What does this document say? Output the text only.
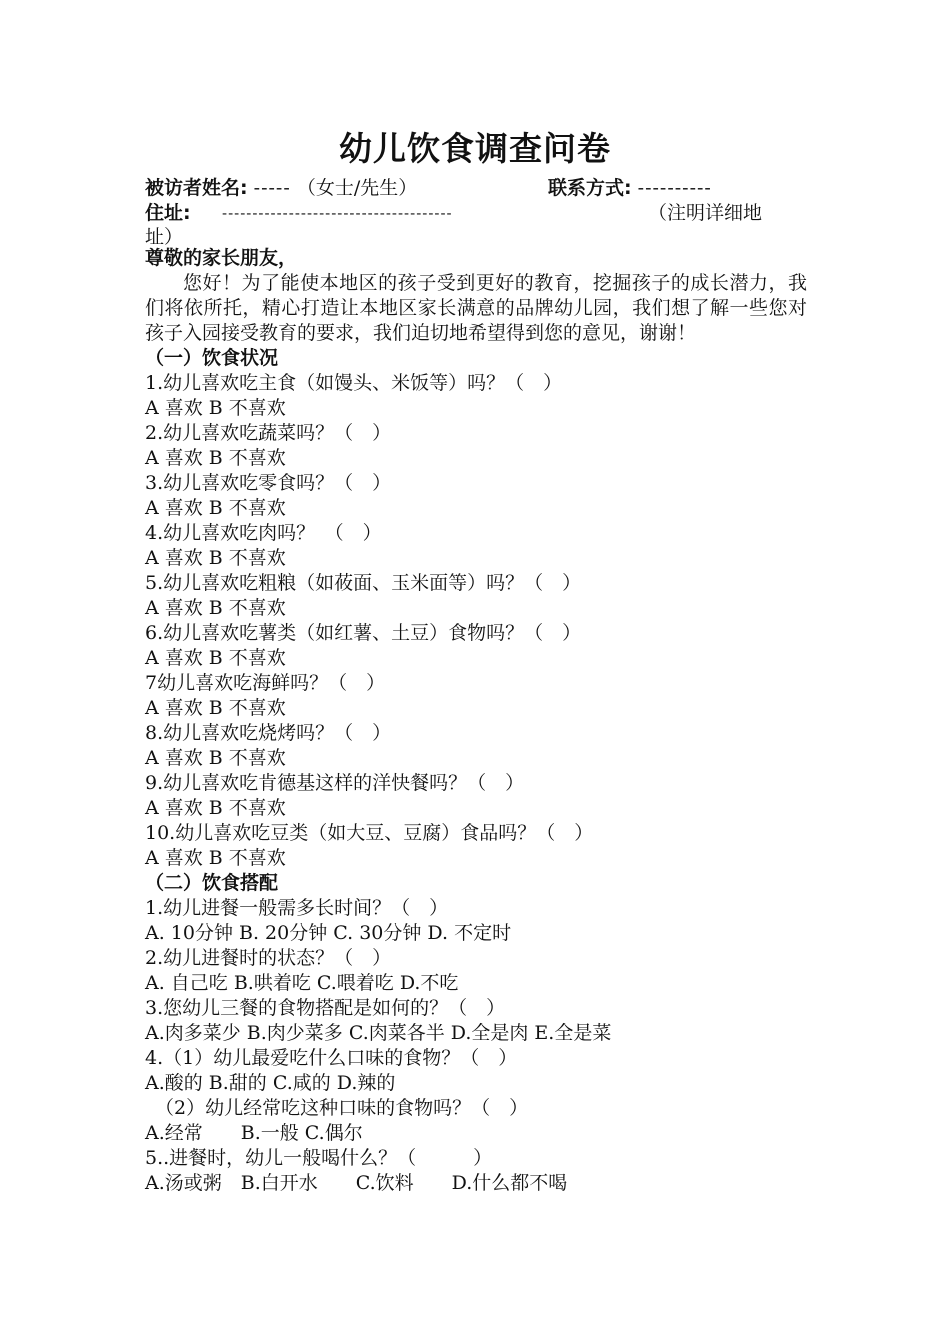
幼儿饮食调查问卷
被访者姓名: ----- （女士/先生）	联系方式: ----------
住址: --------------------------------------	（注明详细地
址）
尊敬的家长朋友，

您好！为了能使本地区的孩子受到更好的教育，挖掘孩子的成长潜力，我们将依所托，精心打造让本地区家长满意的品牌幼儿园，我们想了解一些您对孩子入园接受教育的要求，我们迫切地希望得到您的意见，谢谢！

（一）饮食状况
1.幼儿喜欢吃主食（如馒头、米饭等）吗？（　）
A 喜欢 B 不喜欢
2.幼儿喜欢吃蔬菜吗？（　）
A 喜欢 B 不喜欢
3.幼儿喜欢吃零食吗？（　）
A 喜欢 B 不喜欢
4.幼儿喜欢吃肉吗？　（　）
A 喜欢 B 不喜欢
5.幼儿喜欢吃粗粮（如莜面、玉米面等）吗？（　）
A 喜欢 B 不喜欢
6.幼儿喜欢吃薯类（如红薯、土豆）食物吗？（　）
A 喜欢 B 不喜欢
7幼儿喜欢吃海鲜吗？（　）
A 喜欢 B 不喜欢
8.幼儿喜欢吃烧烤吗？（　）
A 喜欢 B 不喜欢
9.幼儿喜欢吃肯德基这样的洋快餐吗？（　）
A 喜欢 B 不喜欢
10.幼儿喜欢吃豆类（如大豆、豆腐）食品吗？（　）
A 喜欢 B 不喜欢
（二）饮食搭配
1.幼儿进餐一般需多长时间？（　）
A. 10分钟 B. 20分钟 C. 30分钟 D. 不定时
2.幼儿进餐时的状态？（　）
A. 自己吃 B.哄着吃 C.喂着吃 D.不吃
3.您幼儿三餐的食物搭配是如何的？（　）
A.肉多菜少 B.肉少菜多 C.肉菜各半 D.全是肉 E.全是菜
4.（1）幼儿最爱吃什么口味的食物？（　）
A.酸的 B.甜的 C.咸的 D.辣的
（2）幼儿经常吃这种口味的食物吗？（　）
A.经常　　B.一般 C.偶尔
5..进餐时，幼儿一般喝什么？（　　　）
A.汤或粥　B.白开水　　C.饮料　　D.什么都不喝
